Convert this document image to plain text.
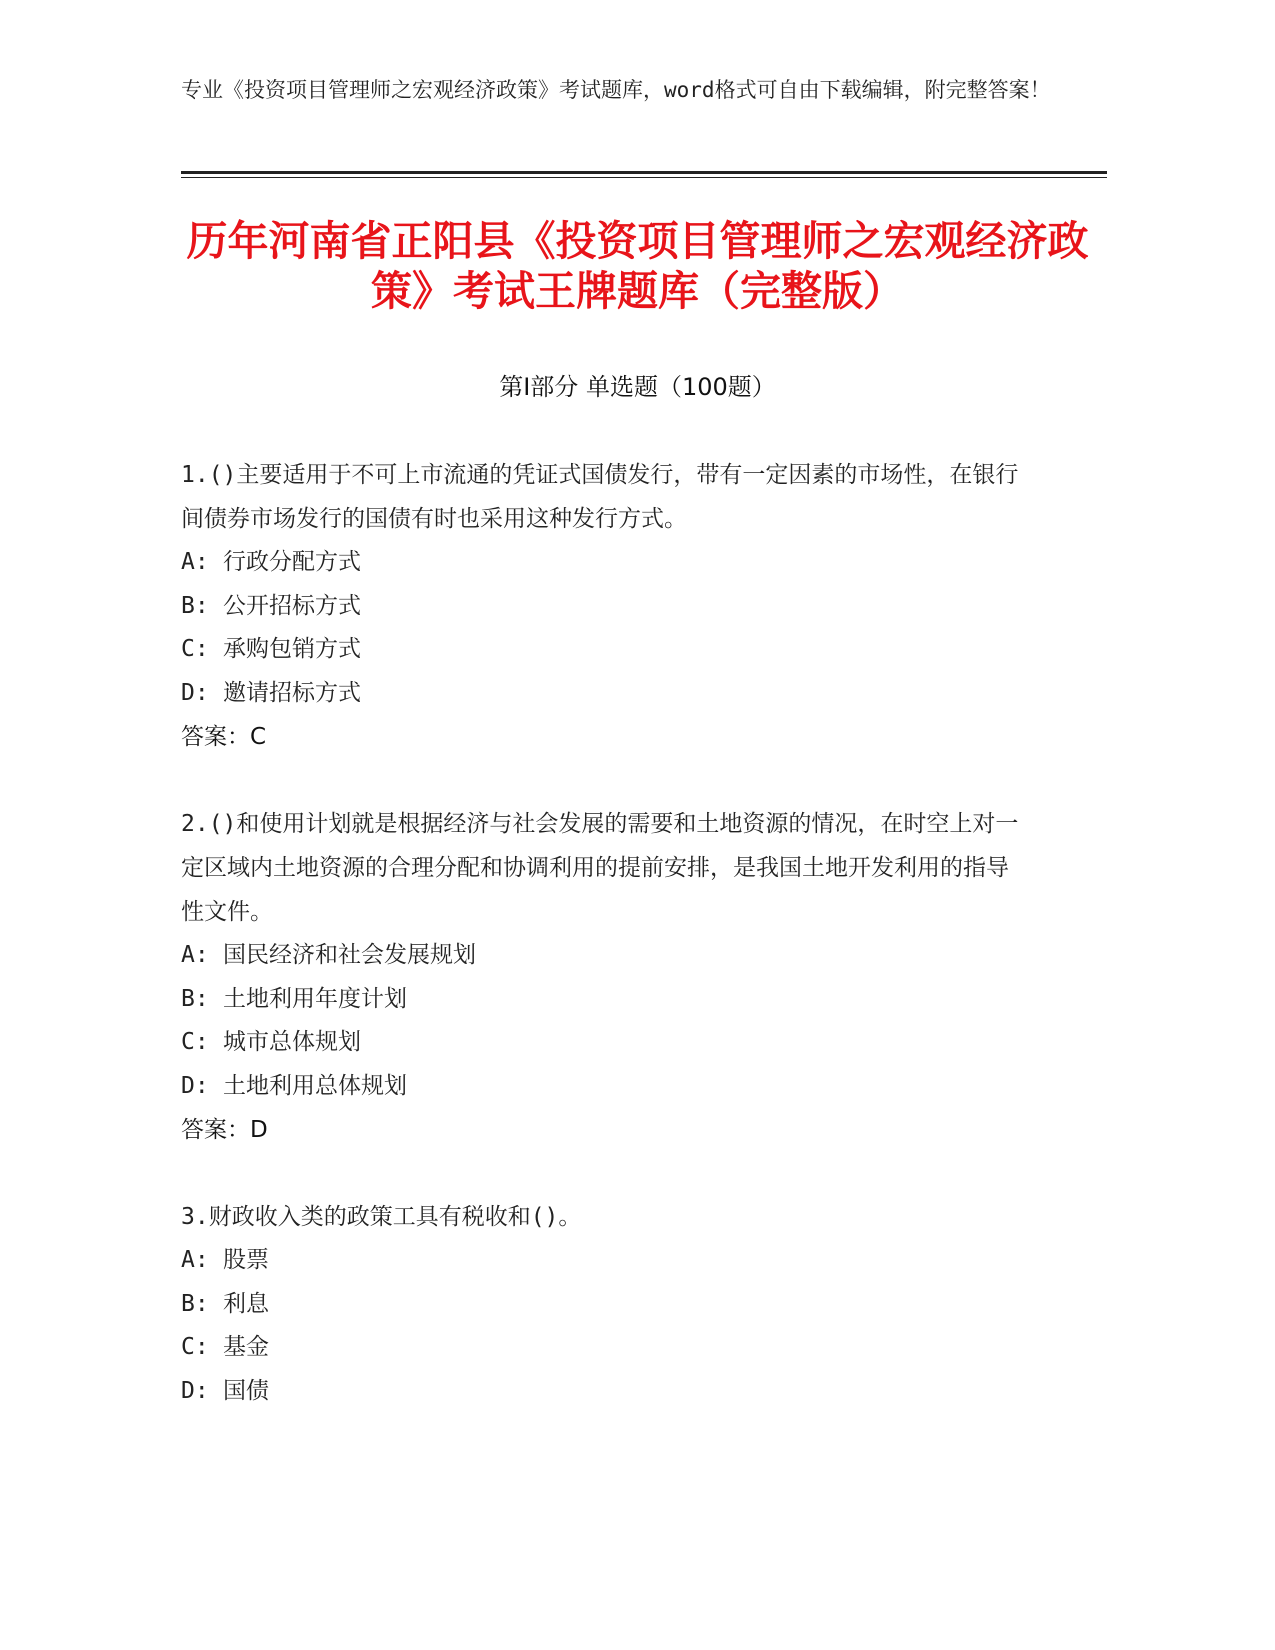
专业《投资项目管理师之宏观经济政策》考试题库，word格式可自由下载编辑，附完整答案！
历年河南省正阳县《投资项目管理师之宏观经济政策》考试王牌题库（完整版）
第Ⅰ部分 单选题（100题）

1.()主要适用于不可上市流通的凭证式国债发行，带有一定因素的市场性，在银行间债券市场发行的国债有时也采用这种发行方式。

A: 行政分配方式

B: 公开招标方式

C: 承购包销方式

D: 邀请招标方式

答案：C

2.()和使用计划就是根据经济与社会发展的需要和土地资源的情况，在时空上对一定区域内土地资源的合理分配和协调利用的提前安排，是我国土地开发利用的指导性文件。

A: 国民经济和社会发展规划

B: 土地利用年度计划

C: 城市总体规划

D: 土地利用总体规划

答案：D

3.财政收入类的政策工具有税收和()。

A: 股票

B: 利息

C: 基金

D: 国债
